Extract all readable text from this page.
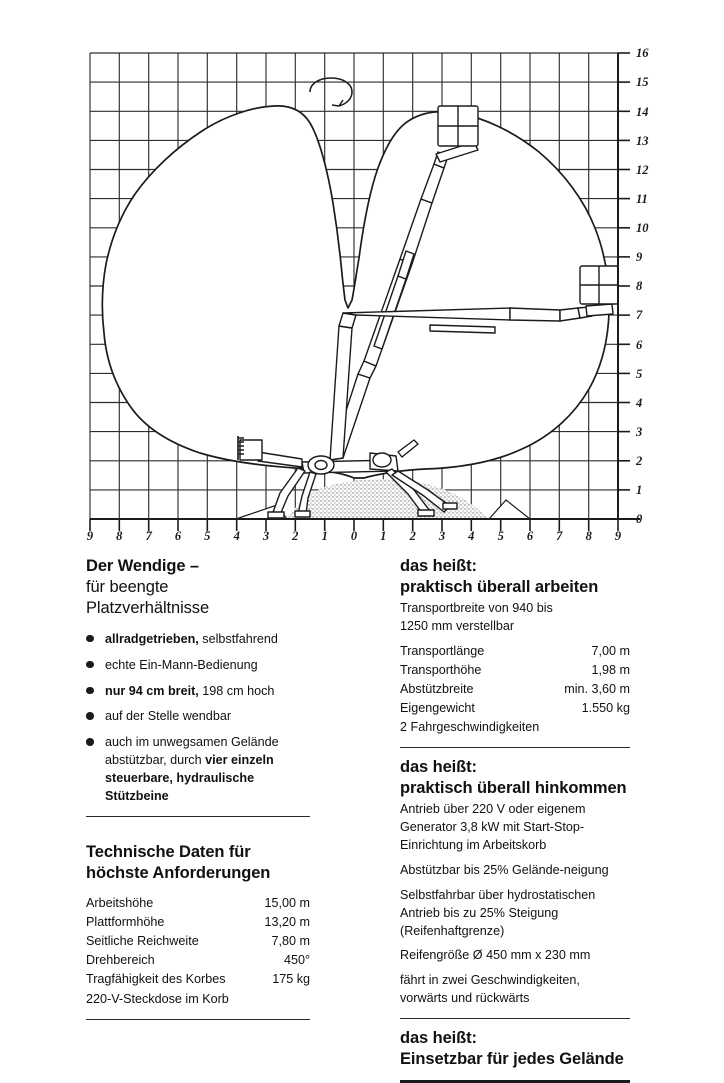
0
1
2
3
4
5
6
7
8
9
10
11
12
13
14
15
16
9 8 7 6 5 4 3 2 1 0 1 2 3 4 5 6 7 8 9
Der Wendige –
für beengte
Platzverhältnisse
allradgetrieben, selbstfahrend
echte Ein-Mann-Bedienung
nur 94 cm breit, 198 cm hoch
auf der Stelle wendbar
auch im unwegsamen Gelände abstützbar, durch vier einzeln steuerbare, hydraulische Stützbeine
Technische Daten für
höchste Anforderungen
Arbeitshöhe	15,00 m
Plattformhöhe	13,20 m
Seitliche Reichweite	7,80 m
Drehbereich	450°
Tragfähigkeit des Korbes	175 kg
220-V-Steckdose im Korb
das heißt:
praktisch überall arbeiten

Transportbreite von 940 bis
1250 mm verstellbar

Transportlänge	7,00 m
Transporthöhe	1,98 m
Abstützbreite	min. 3,60 m
Eigengewicht	1.550 kg
2 Fahrgeschwindigkeiten
das heißt:
praktisch überall hinkommen

Antrieb über 220 V oder eigenem Generator 3,8 kW mit Start-Stop-Einrichtung im Arbeitskorb

Abstützbar bis 25% Gelände-neigung

Selbstfahrbar über hydrostatischen Antrieb bis zu 25% Steigung (Reifenhaftgrenze)

Reifengröße Ø 450 mm x 230 mm

fährt in zwei Geschwindigkeiten, vorwärts und rückwärts

das heißt:
Einsetzbar für jedes Gelände
